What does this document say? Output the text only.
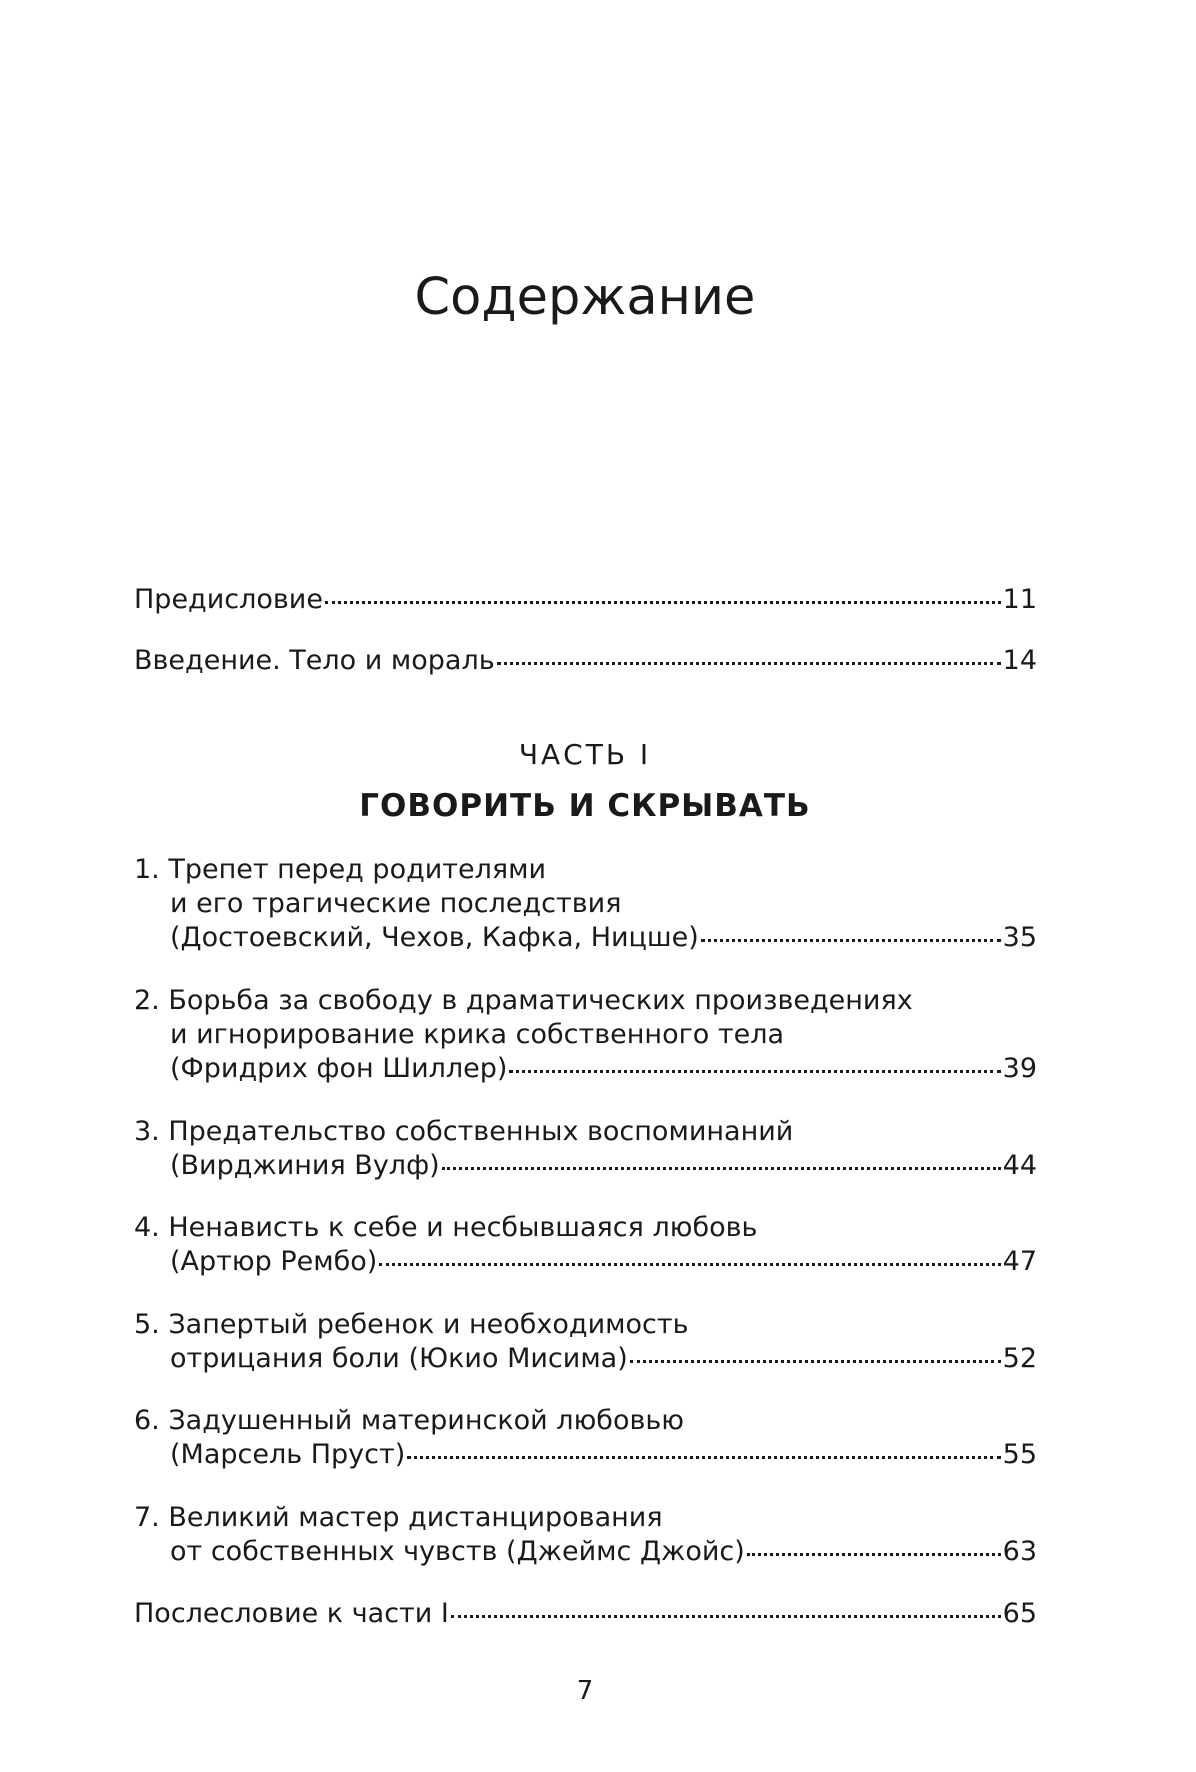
Содержание
Предисловие	11
Введение. Тело и мораль	14
ЧАСТЬ I
ГОВОРИТЬ И СКРЫВАТЬ
1. Трепет перед родителями
и его трагические последствия
(Достоевский, Чехов, Кафка, Ницше)	35
2. Борьба за свободу в драматических произведениях
и игнорирование крика собственного тела
(Фридрих фон Шиллер)	39
3. Предательство собственных воспоминаний
(Вирджиния Вулф)	44
4. Ненависть к себе и несбывшаяся любовь
(Артюр Рембо)	47
5. Запертый ребенок и необходимость
отрицания боли (Юкио Мисима)	52
6. Задушенный материнской любовью
(Марсель Пруст)	55
7. Великий мастер дистанцирования
от собственных чувств (Джеймс Джойс)	63
Послесловие к части I	65
7
